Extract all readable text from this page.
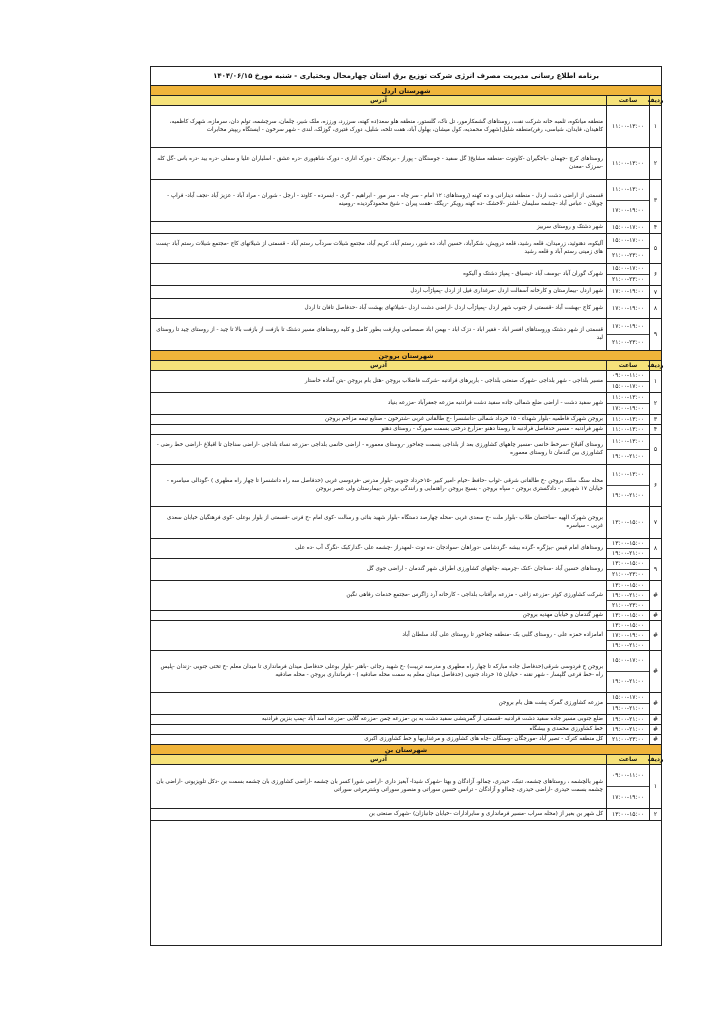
برنامه اطلاع رسانی مدیریت مصرف انرژی شرکت توزیع برق استان چهارمحال وبختیاری - شنبه مورخ ۱۴۰۴/۰۶/۱۵
شهرستان اردل
ردیف
ساعت
آدرس
۱
۱۱:۰۰-۱۳:۰۰
منطقه میانکوه، ثلمبه خانه شرکت نفت، روستاهای گشمکارمور، تل ناک، گلستور، منطقه هلو سعد(ده کهنه، سرزرد، ورززه، ملک شیر، چلمان، سرچشمه، تولم دان، سرمازه، شهرک کاظمیه، کاهیدان، فایدان، شیاسی، رفن)منطقه شلیل(شهرک محمدیه، کول میشان، بهلول آباد، هفت تلخه، شلیل، دورک فتیری، گوزلک، لندی - شهر سرخون - ایستگاه ریپیتر مخابرات
۲
۱۱:۰۰-۱۳:۰۰
روستاهای کرچ -جهمان -باجگیران -کاوتوت -منطقه مشایخ( گل سفید - جوسنگان - پوراز - برنجگان - دورک اناری - دورک شاهپوری -دره عشق - اسلیاران علیا و سفلی -دره بید -دره باس -گل کله -سرزک -معدن
۳
۱۱:۰۰-۱۳:۰۰
۱۷:۰۰-۱۹:۰۰
قسمتی از اراضی دشت اردل - منطقه دینارانی و ده کهنه (روستاهای: ۱۲ امام - سر چاه - سر مور - ابراهیم - گری - ابسرده - کاوند - ارجل - شوران - مراد آباد - عزیز آباد -نجف آباد- فراپ - چوبلان - عباس آباد -چشمه سلیمان -لشتر -لاخشک -ده کهنه رویکر -ریگک -هفت پیران - شیخ محمودگردیده -رومینه
۴
۱۵:۰۰-۱۷:۰۰
شهر دشتک و روستای سربیز
۵
۱۵:۰۰-۱۷:۰۰
۲۱:۰۰-۲۳:۰۰
آلیکوه، دهنوئید، زرمیدان، قلعه رشید، قلعه درویش، شکرآباد، حسین آباد، ده شور، رستم آباد، کریم آباد، مجتمع شیلات سردآب رستم آباد - قسمتی از شیلاتهای کاج -مجتمع شیلات رستم آباد -پست های زمینی رستم آباد و قلعه رشید
۶
۱۵:۰۰-۱۷:۰۰
۲۱:۰۰-۲۳:۰۰
شهرک گوران آباد -یوسف آباد -تیسیاق - پمپاژ دشتک و آلیکوه
۷
۱۷:۰۰-۱۹:۰۰
شهر اردل -بیمارستان و کارخانه آسفالت اردل -مرغداری فیل از اردل -پمپاژآب اردل
۸
۱۷:۰۰-۱۹:۰۰
شهر کاج -بهشت آباد -قسمتی از جنوب شهر اردل -پمپاژآب اردل -اراضی دشت اردل -شیلاتهای بهشت آباد -حدفاصل تافان تا اردل
۹
۱۷:۰۰-۱۹:۰۰
۲۱:۰۰-۲۳:۰۰
قسمتی از شهر دشتک وروستاهای افسر اباد - فقیر اباد - دزک اباد - بهمن اباد صمصامی وبازفت بطور کامل و کلیه روستاهای مسیر دشتک تا بازفت از بازفت بالا تا چید - از روستای چید تا روستای لبد
شهرستان بروجن
ردیف
ساعت
آدرس
۱
۰۹:۰۰-۱۱:۰۰
۱۵:۰۰-۱۷:۰۰
مسیر بلداجی - شهر بلداجی -شهرک صنعتی بلداجی - باریرهای فرادنبه -شرکت فاضلاب بروجن -هتل بام بروجن -بتن آماده خاستار
۲
۱۱:۰۰-۱۳:۰۰
۱۷:۰۰-۱۹:۰۰
شهر سفید دشت - اراضی ضلع شمالی جاده سفید دشت فرادنبه مزرعه جعفرآباد -مزرعه بنیاد
۳
۱۱:۰۰-۱۳:۰۰
بروجن شهرک فاطمیه -بلوار شهداء - ۱۵ خرداد شمالی -دانشسرا -خ طالقانی غربی -شترخون - صنایع تیمه مزاحم بروجن
۴
۱۱:۰۰-۱۳:۰۰
شهر فرادنبه - مسیر حدفاصل فرادنبه تا روستا دهنو -مزارع درختی بسمت سورک - روستای دهنو
۵
۱۱:۰۰-۱۳:۰۰
۱۹:۰۰-۲۱:۰۰
روستای آقبلاغ -سرخط حانمی -مسیر چاههای کشاورزی بعد از بلداجی بسمت چغاخور -روستای معموره - اراضی خانمی بلداجی -مزرعه نساء بلداجی -اراضی سناجان تا اقبلاغ -اراضی خط رضی - کشاورزی بین گندمان تا روستای معموره
۶
۱۱:۰۰-۱۳:۰۰
۱۹:۰۰-۲۱:۰۰
محله سنگ سلک بروجن -خ طالقانی شرقی -ثواب -حافظ -خیام -امیر کبیر -۱۵خرداد جنوبی -بلوار مدرس -فردوسی غربی (حدفاصل سه راه دانشسرا تا چهار راه مطهری ) -گودالی سیاسره - خیابان ۱۷ شهریور - دادگستری بروجن - سپاه بروجن - بسیج بروجن -راهنمایی و رانندگی بروجن -بیمارستان ولی عصر بروجن
۷
۱۳:۰۰-۱۵:۰۰
بروجن شهرک الهیه -ساختمان طلاب -بلوار ملت -خ سعدی غربی -محله چهارصد دستگاه -بلوار شهید بنائی و رسالت -کوی امام -خ فرنی -قسمتی از بلوار بوعلی -کوی فرهنگیان خیابان سعدی غربی - سیاسره
۸
۱۳:۰۰-۱۵:۰۰
۱۹:۰۰-۲۱:۰۰
روستاهای امام قیس -بیژگره -گرده بیشه -گردشامی -دوراهان -سوادجان -ده توت -لمهدراز -چشمه علی -گدارکبک -نگرگ آب -ده علی
۹
۱۳:۰۰-۱۵:۰۰
۲۱:۰۰-۲۳:۰۰
روستاهای حسین آباد -سناجان -کنک -چرمینه -چاههای کشاورزی اطراف شهر گندمان - اراضی جوی گل
#
۱۳:۰۰-۱۵:۰۰
۱۹:۰۰-۲۱:۰۰
۲۱:۰۰-۲۳:۰۰
شرکت کشاورزی کوثر -مزرعه زاغی - مزرعه برآفتاب بلداجی - کارخانه آرد زاگرس -مجتمع خدمات رفاهی نگین
#
۱۳:۰۰-۱۵:۰۰
شهر گندمان و خیابان مهدیه بروجن
#
۱۳:۰۰-۱۵:۰۰
۱۷:۰۰-۱۹:۰۰
۱۹:۰۰-۲۱:۰۰
امامزاده حمزه علی - روستای گلبی بک -منطقه چغاخور تا روستای علی آباد سلطان آباد
#
۱۵:۰۰-۱۷:۰۰
۱۹:۰۰-۲۱:۰۰
بروجن خ فردوسی شرقی(حدفاصل جاده مبارکه تا چهار راه مطهری و مدرسه تربیت) -خ شهید رجائی -باهنر -بلوار بوعلی حدفاصل میدان فرمانداری تا میدان معلم -خ تختی جنوبی -زندان -پلیس راه -خط فرعی گلپسار - شهر نقنه - خیابان ۱۵ خرداد جنوبی (حدفاصل میدان معلم به سمت محله صادقیه ) - فرمانداری بروجن - محله صادقیه
#
۱۵:۰۰-۱۷:۰۰
۱۹:۰۰-۲۱:۰۰
مزرعه کشاورزی گمرک پشت هتل بام بروجن
#
۱۹:۰۰-۲۱:۰۰
ضلع جنوبی مسیر جاده سفید دشت فرادنبه -قسمتی از گمرینشی سفید دشت به بن -مزرعه چمن -مزرعه گلابی -مزرعه اسد آباد -پمپ بنزین فرادنبه
#
۱۹:۰۰-۲۱:۰۰
خط کشاورزی محمدی و بیشگاه
#
۲۱:۰۰-۲۳:۰۰
کل منطقه کترک - تصیر آباد -مورجگان -وستگان -چاه های کشاورزی و مرغداریها و خط کشاورزی اکبری
شهرستان بن
ردیف
ساعت
آدرس
۱
۰۹:۰۰-۱۱:۰۰
۱۷:۰۰-۱۹:۰۰
شهر بالچشمه ، روستاهای چشمه، تنبک، حیدری، چمالو، آزادگان و بهتا -شهرک شیدا- آبغیز داری -اراضی شورا کسر بان چشمه -اراضی کشاورزی بان چشمه بسمت بن -دکل تلویزیونی -اراضی بان چشمه بسمت حیدری -اراضی حیدری، چمالو و آزادگان - ترانس حسین سوراتی و منصور سوراتی وشترمرغی سوراتی
۲
۱۳:۰۰-۱۵:۰۰
کل شهر بن بغیر از (محله سراب -مسیر فرمانداری و سایرادارات -خیابان جانبازان) -شهرک صنعتی بن
